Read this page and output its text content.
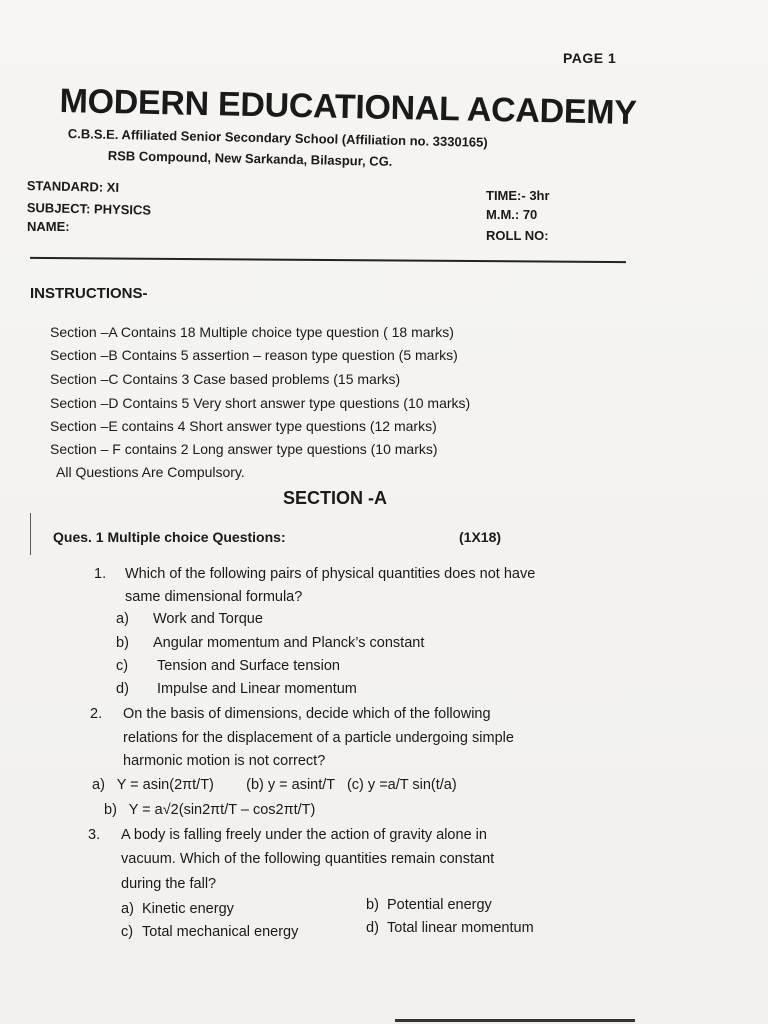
PAGE 1
MODERN EDUCATIONAL ACADEMY
C.B.S.E. Affiliated Senior Secondary School (Affiliation no. 3330165)
RSB Compound, New Sarkanda, Bilaspur, CG.
STANDARD: XI
SUBJECT: PHYSICS
NAME:
TIME:- 3hr
M.M.: 70
ROLL NO:
INSTRUCTIONS-
Section –A Contains 18 Multiple choice type question ( 18 marks)
Section –B Contains 5 assertion – reason type question (5 marks)
Section –C Contains 3 Case based problems (15 marks)
Section –D Contains 5 Very short answer type questions (10 marks)
Section –E contains 4 Short answer type questions (12 marks)
Section – F contains 2 Long answer type questions (10 marks)
All Questions Are Compulsory.
SECTION -A
Ques. 1 Multiple choice Questions:	(1X18)
1. Which of the following pairs of physical quantities does not have
same dimensional formula?
a) Work and Torque
b) Angular momentum and Planck’s constant
c) Tension and Surface tension
d) Impulse and Linear momentum
2. On the basis of dimensions, decide which of the following
relations for the displacement of a particle undergoing simple
harmonic motion is not correct?
a)   Y = asin(2πt/T)        (b) y = asint/T   (c) y =a/T sin(t/a)
b)   Y = a√2(sin2πt/T – cos2πt/T)
3. A body is falling freely under the action of gravity alone in
vacuum. Which of the following quantities remain constant
during the fall?
a) Kinetic energy	b) Potential energy
c) Total mechanical energy	d) Total linear momentum
